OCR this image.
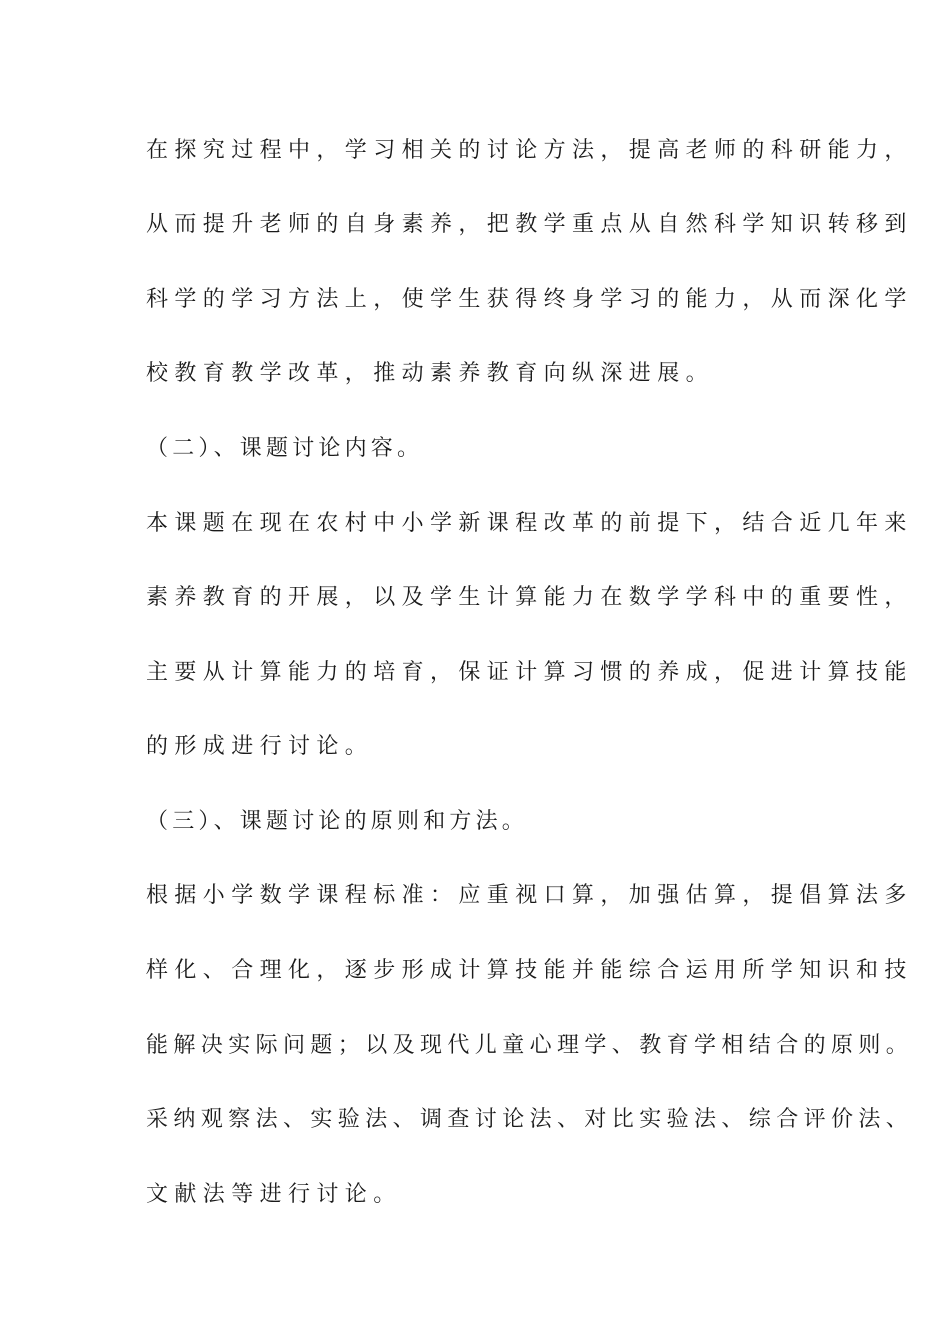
在探究过程中，学习相关的讨论方法，提高老师的科研能力，
从而提升老师的自身素养，把教学重点从自然科学知识转移到
科学的学习方法上，使学生获得终身学习的能力，从而深化学
校教育教学改革，推动素养教育向纵深进展。
（二）、课题讨论内容。
本课题在现在农村中小学新课程改革的前提下，结合近几年来
素养教育的开展，以及学生计算能力在数学学科中的重要性，
主要从计算能力的培育，保证计算习惯的养成，促进计算技能
的形成进行讨论。
（三）、课题讨论的原则和方法。
根据小学数学课程标准：应重视口算，加强估算，提倡算法多
样化、合理化，逐步形成计算技能并能综合运用所学知识和技
能解决实际问题；以及现代儿童心理学、教育学相结合的原则。
采纳观察法、实验法、调查讨论法、对比实验法、综合评价法、
文献法等进行讨论。
